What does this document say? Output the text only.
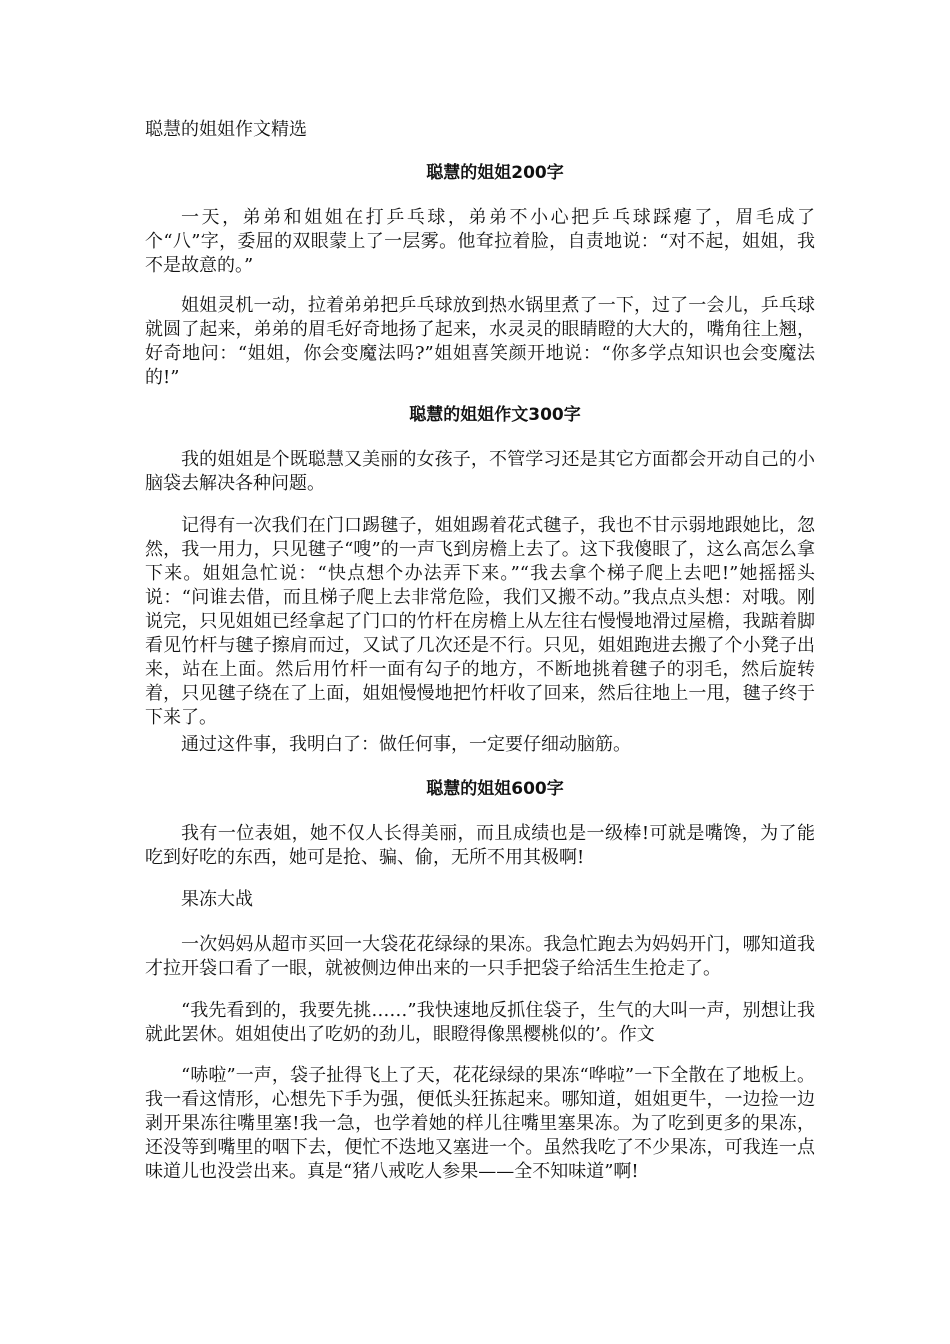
聪慧的姐姐作文精选

聪慧的姐姐200字

一天，弟弟和姐姐在打乒乓球，弟弟不小心把乒乓球踩瘪了，眉毛成了个“八”字，委屈的双眼蒙上了一层雾。他耷拉着脸，自责地说：“对不起，姐姐，我不是故意的。”

姐姐灵机一动，拉着弟弟把乒乓球放到热水锅里煮了一下，过了一会儿，乒乓球就圆了起来，弟弟的眉毛好奇地扬了起来，水灵灵的眼睛瞪的大大的，嘴角往上翘，好奇地问：“姐姐，你会变魔法吗?”姐姐喜笑颜开地说：“你多学点知识也会变魔法的!”

聪慧的姐姐作文300字

我的姐姐是个既聪慧又美丽的女孩子，不管学习还是其它方面都会开动自己的小脑袋去解决各种问题。

记得有一次我们在门口踢毽子，姐姐踢着花式毽子，我也不甘示弱地跟她比，忽然，我一用力，只见毽子“嗖”的一声飞到房檐上去了。这下我傻眼了，这么高怎么拿下来。姐姐急忙说：“快点想个办法弄下来。”“我去拿个梯子爬上去吧!”她摇摇头说：“问谁去借，而且梯子爬上去非常危险，我们又搬不动。”我点点头想：对哦。刚说完，只见姐姐已经拿起了门口的竹杆在房檐上从左往右慢慢地滑过屋檐，我踮着脚看见竹杆与毽子擦肩而过，又试了几次还是不行。只见，姐姐跑进去搬了个小凳子出来，站在上面。然后用竹杆一面有勾子的地方，不断地挑着毽子的羽毛，然后旋转着，只见毽子绕在了上面，姐姐慢慢地把竹杆收了回来，然后往地上一甩，毽子终于下来了。

通过这件事，我明白了：做任何事，一定要仔细动脑筋。

聪慧的姐姐600字

我有一位表姐，她不仅人长得美丽，而且成绩也是一级棒!可就是嘴馋，为了能吃到好吃的东西，她可是抢、骗、偷，无所不用其极啊!

果冻大战

一次妈妈从超市买回一大袋花花绿绿的果冻。我急忙跑去为妈妈开门，哪知道我才拉开袋口看了一眼，就被侧边伸出来的一只手把袋子给活生生抢走了。

“我先看到的，我要先挑……”我快速地反抓住袋子，生气的大叫一声，别想让我就此罢休。姐姐使出了吃奶的劲儿，眼瞪得像黑樱桃似的’。作文

“哧啦”一声，袋子扯得飞上了天，花花绿绿的果冻“哗啦”一下全散在了地板上。我一看这情形，心想先下手为强，便低头狂拣起来。哪知道，姐姐更牛，一边捡一边剥开果冻往嘴里塞!我一急，也学着她的样儿往嘴里塞果冻。为了吃到更多的果冻，还没等到嘴里的咽下去，便忙不迭地又塞进一个。虽然我吃了不少果冻，可我连一点味道儿也没尝出来。真是“猪八戒吃人参果——全不知味道”啊!
